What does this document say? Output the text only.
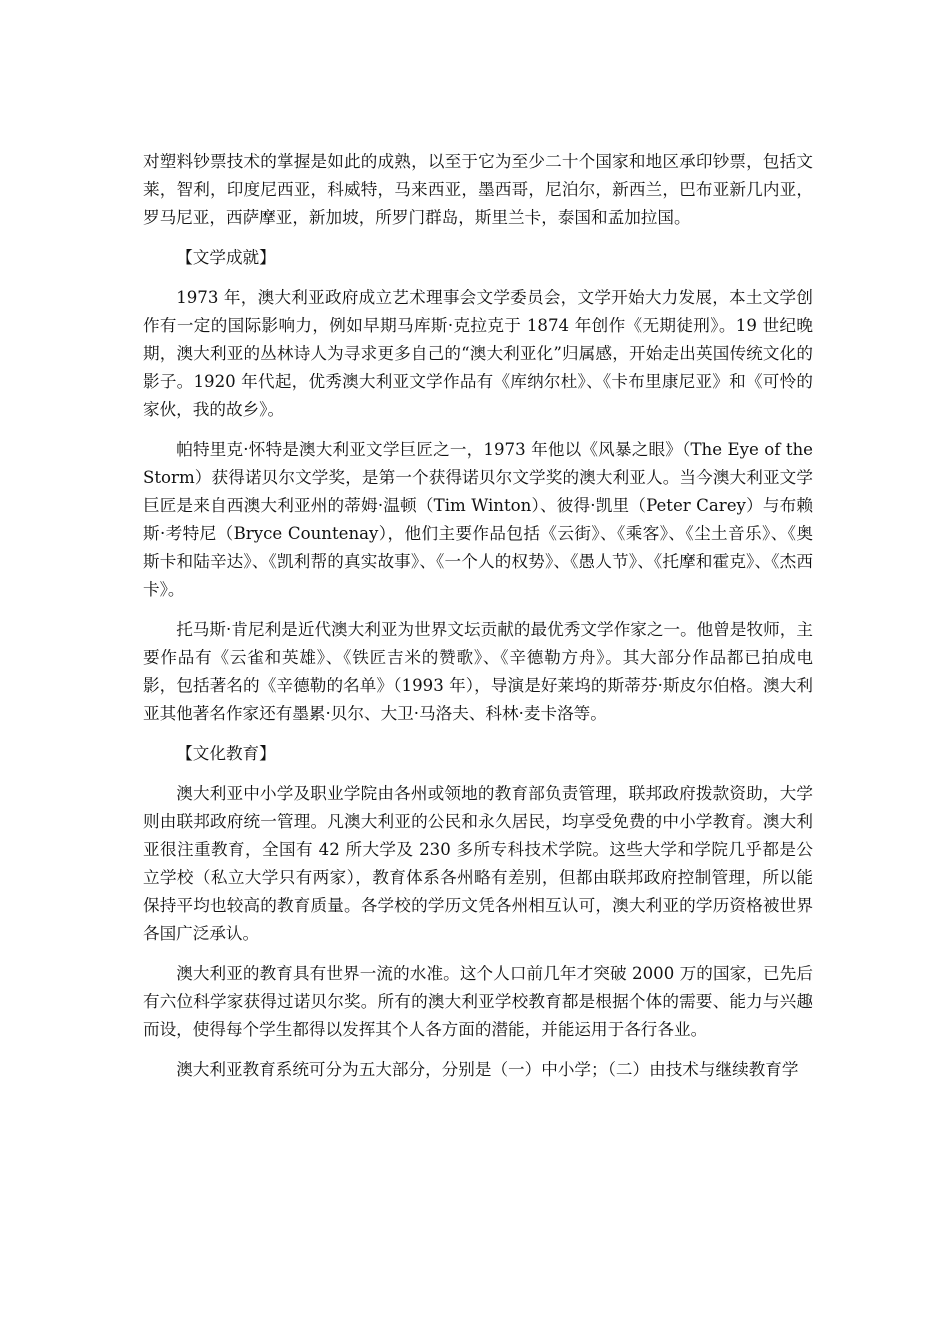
对塑料钞票技术的掌握是如此的成熟，以至于它为至少二十个国家和地区承印钞票，包括文莱，智利，印度尼西亚，科威特，马来西亚，墨西哥，尼泊尔，新西兰，巴布亚新几内亚，罗马尼亚，西萨摩亚，新加坡，所罗门群岛，斯里兰卡，泰国和孟加拉国。

【文学成就】

1973 年，澳大利亚政府成立艺术理事会文学委员会，文学开始大力发展，本土文学创作有一定的国际影响力，例如早期马库斯·克拉克于 1874 年创作《无期徒刑》。19 世纪晚期，澳大利亚的丛林诗人为寻求更多自己的“澳大利亚化”归属感，开始走出英国传统文化的影子。1920 年代起，优秀澳大利亚文学作品有《库纳尔杜》、《卡布里康尼亚》和《可怜的家伙，我的故乡》。

帕特里克·怀特是澳大利亚文学巨匠之一，1973 年他以《风暴之眼》（The Eye of the Storm）获得诺贝尔文学奖，是第一个获得诺贝尔文学奖的澳大利亚人。当今澳大利亚文学巨匠是来自西澳大利亚州的蒂姆·温顿（Tim Winton）、彼得·凯里（Peter Carey）与布赖斯·考特尼（Bryce Countenay），他们主要作品包括《云街》、《乘客》、《尘土音乐》、《奥斯卡和陆辛达》、《凯利帮的真实故事》、《一个人的权势》、《愚人节》、《托摩和霍克》、《杰西卡》。

托马斯·肯尼利是近代澳大利亚为世界文坛贡献的最优秀文学作家之一。他曾是牧师，主要作品有《云雀和英雄》、《铁匠吉米的赞歌》、《辛德勒方舟》。其大部分作品都已拍成电影，包括著名的《辛德勒的名单》（1993 年），导演是好莱坞的斯蒂芬·斯皮尔伯格。澳大利亚其他著名作家还有墨累·贝尔、大卫·马洛夫、科林·麦卡洛等。

【文化教育】

澳大利亚中小学及职业学院由各州或领地的教育部负责管理，联邦政府拨款资助，大学则由联邦政府统一管理。凡澳大利亚的公民和永久居民，均享受免费的中小学教育。澳大利亚很注重教育，全国有 42 所大学及 230 多所专科技术学院。这些大学和学院几乎都是公立学校（私立大学只有两家），教育体系各州略有差别，但都由联邦政府控制管理，所以能保持平均也较高的教育质量。各学校的学历文凭各州相互认可，澳大利亚的学历资格被世界各国广泛承认。

澳大利亚的教育具有世界一流的水准。这个人口前几年才突破 2000 万的国家，已先后有六位科学家获得过诺贝尔奖。所有的澳大利亚学校教育都是根据个体的需要、能力与兴趣而设，使得每个学生都得以发挥其个人各方面的潜能，并能运用于各行各业。

澳大利亚教育系统可分为五大部分，分别是（一）中小学；（二）由技术与继续教育学
